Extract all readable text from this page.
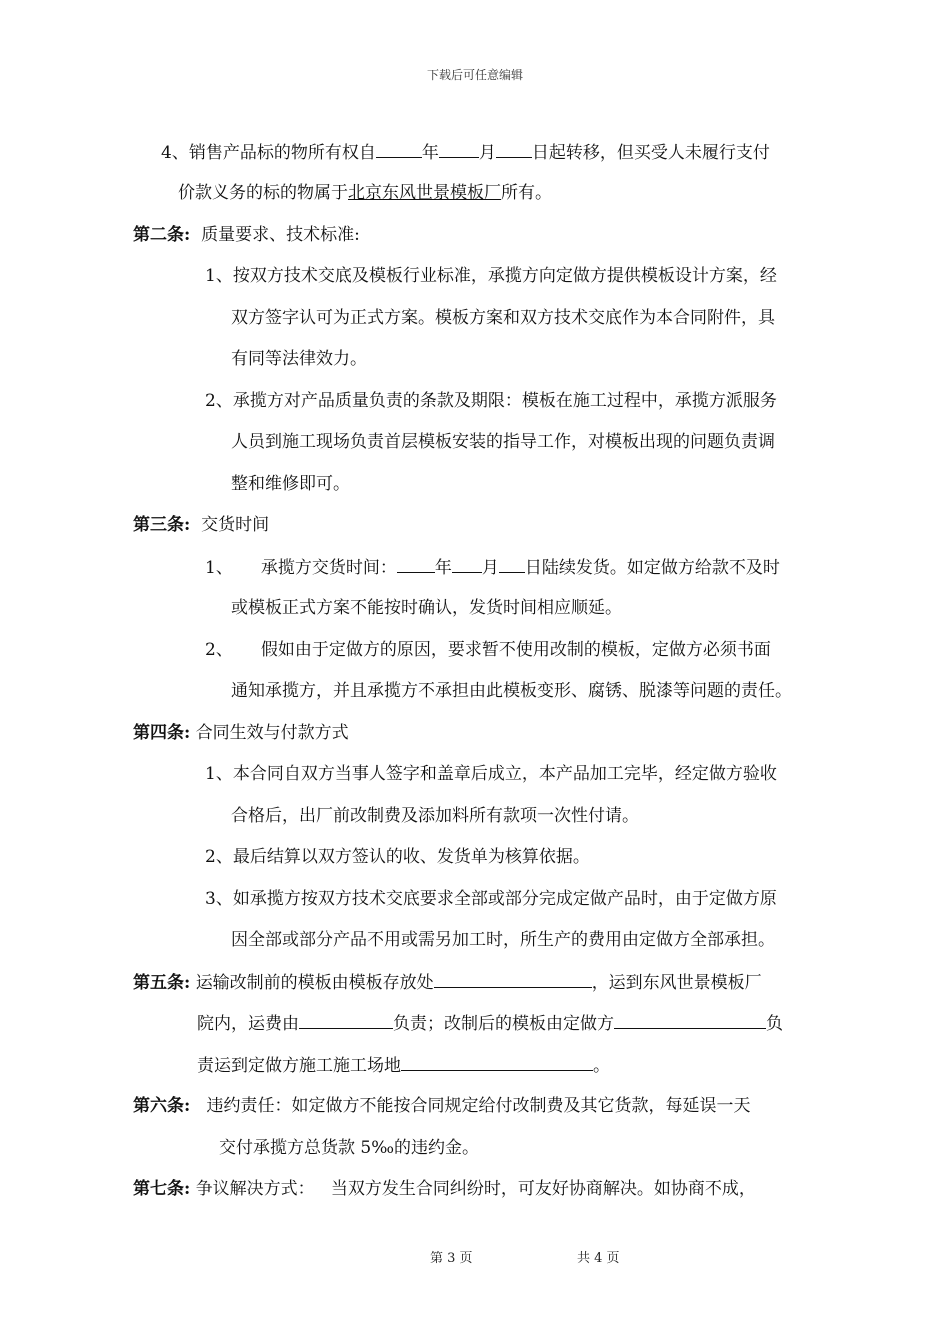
下载后可任意编辑
4、销售产品标的物所有权自	年 月 日起转移，但买受人未履行支付
价款义务的标的物属于北京东风世景模板厂所有。
第二条: 质量要求、技术标准:
1、按双方技术交底及模板行业标准，承揽方向定做方提供模板设计方案，经
双方签字认可为正式方案。模板方案和双方技术交底作为本合同附件，具
有同等法律效力。
2、承揽方对产品质量负责的条款及期限：模板在施工过程中，承揽方派服务
人员到施工现场负责首层模板安装的指导工作，对模板出现的问题负责调
整和维修即可。
第三条: 交货时间
1、 承揽方交货时间： 年 月 日陆续发货。如定做方给款不及时
或模板正式方案不能按时确认，发货时间相应顺延。
2、 假如由于定做方的原因，要求暂不使用改制的模板，定做方必须书面
通知承揽方，并且承揽方不承担由此模板变形、腐锈、脱漆等问题的责任。
第四条: 合同生效与付款方式
1、本合同自双方当事人签字和盖章后成立，本产品加工完毕，经定做方验收
合格后，出厂前改制费及添加料所有款项一次性付请。
2、最后结算以双方签认的收、发货单为核算依据。
3、如承揽方按双方技术交底要求全部或部分完成定做产品时，由于定做方原
因全部或部分产品不用或需另加工时，所生产的费用由定做方全部承担。
第五条: 运输改制前的模板由模板存放处	，运到东风世景模板厂
院内，运费由	负责；改制后的模板由定做方	负
责运到定做方施工施工场地	。
第六条: 违约责任：如定做方不能按合同规定给付改制费及其它货款，每延误一天
交付承揽方总货款 5‰的违约金。
第七条: 争议解决方式： 当双方发生合同纠纷时，可友好协商解决。如协商不成，
第 3 页	共 4 页
